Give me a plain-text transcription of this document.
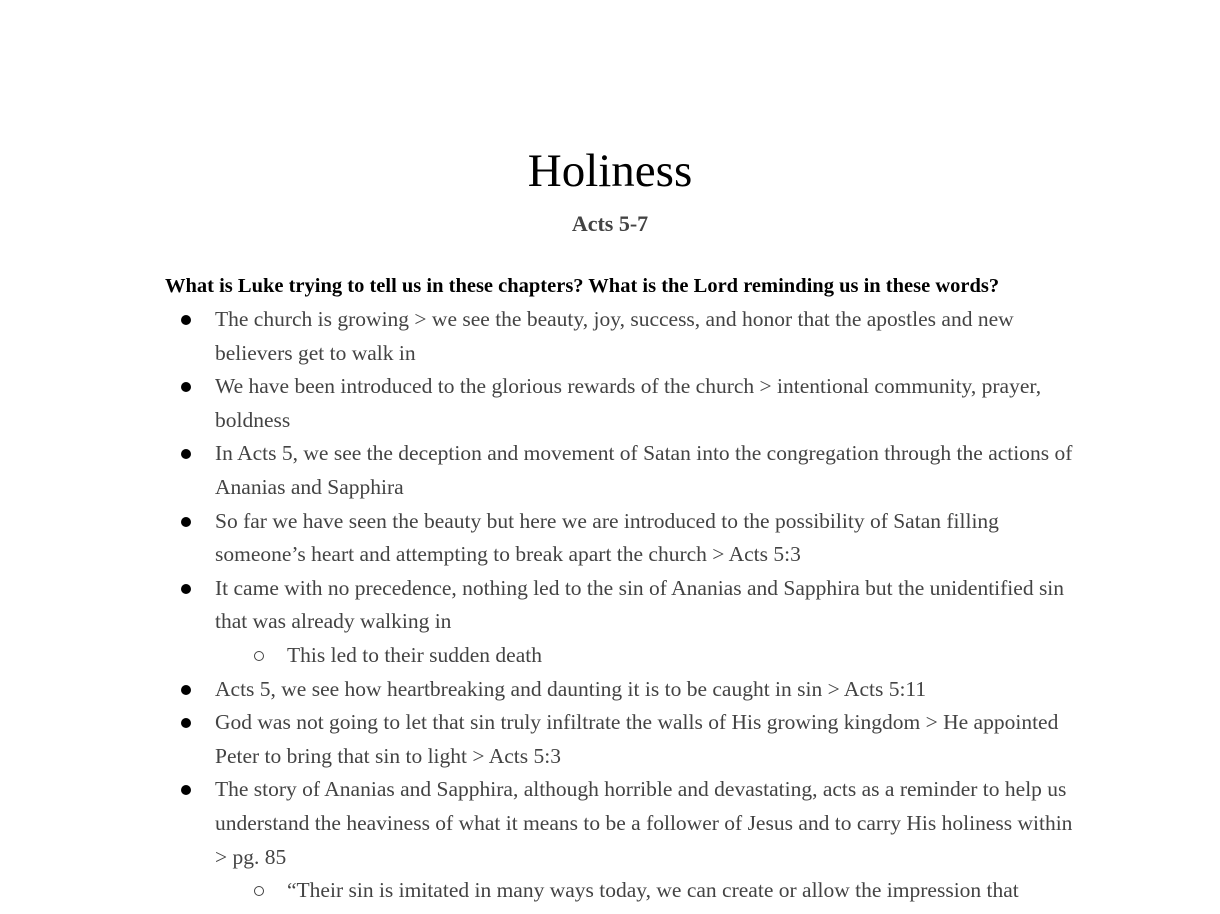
Holiness
Acts 5-7

What is Luke trying to tell us in these chapters? What is the Lord reminding us in these words?

The church is growing > we see the beauty, joy, success, and honor that the apostles and new believers get to walk in
We have been introduced to the glorious rewards of the church > intentional community, prayer, boldness
In Acts 5, we see the deception and movement of Satan into the congregation through the actions of Ananias and Sapphira
So far we have seen the beauty but here we are introduced to the possibility of Satan filling someone’s heart and attempting to break apart the church > Acts 5:3
It came with no precedence, nothing led to the sin of Ananias and Sapphira but the unidentified sin that was already walking in
This led to their sudden death
Acts 5, we see how heartbreaking and daunting it is to be caught in sin > Acts 5:11
God was not going to let that sin truly infiltrate the walls of His growing kingdom > He appointed Peter to bring that sin to light > Acts 5:3
The story of Ananias and Sapphira, although horrible and devastating, acts as a reminder to help us understand the heaviness of what it means to be a follower of Jesus and to carry His holiness within > pg. 85
“Their sin is imitated in many ways today, we can create or allow the impression that
